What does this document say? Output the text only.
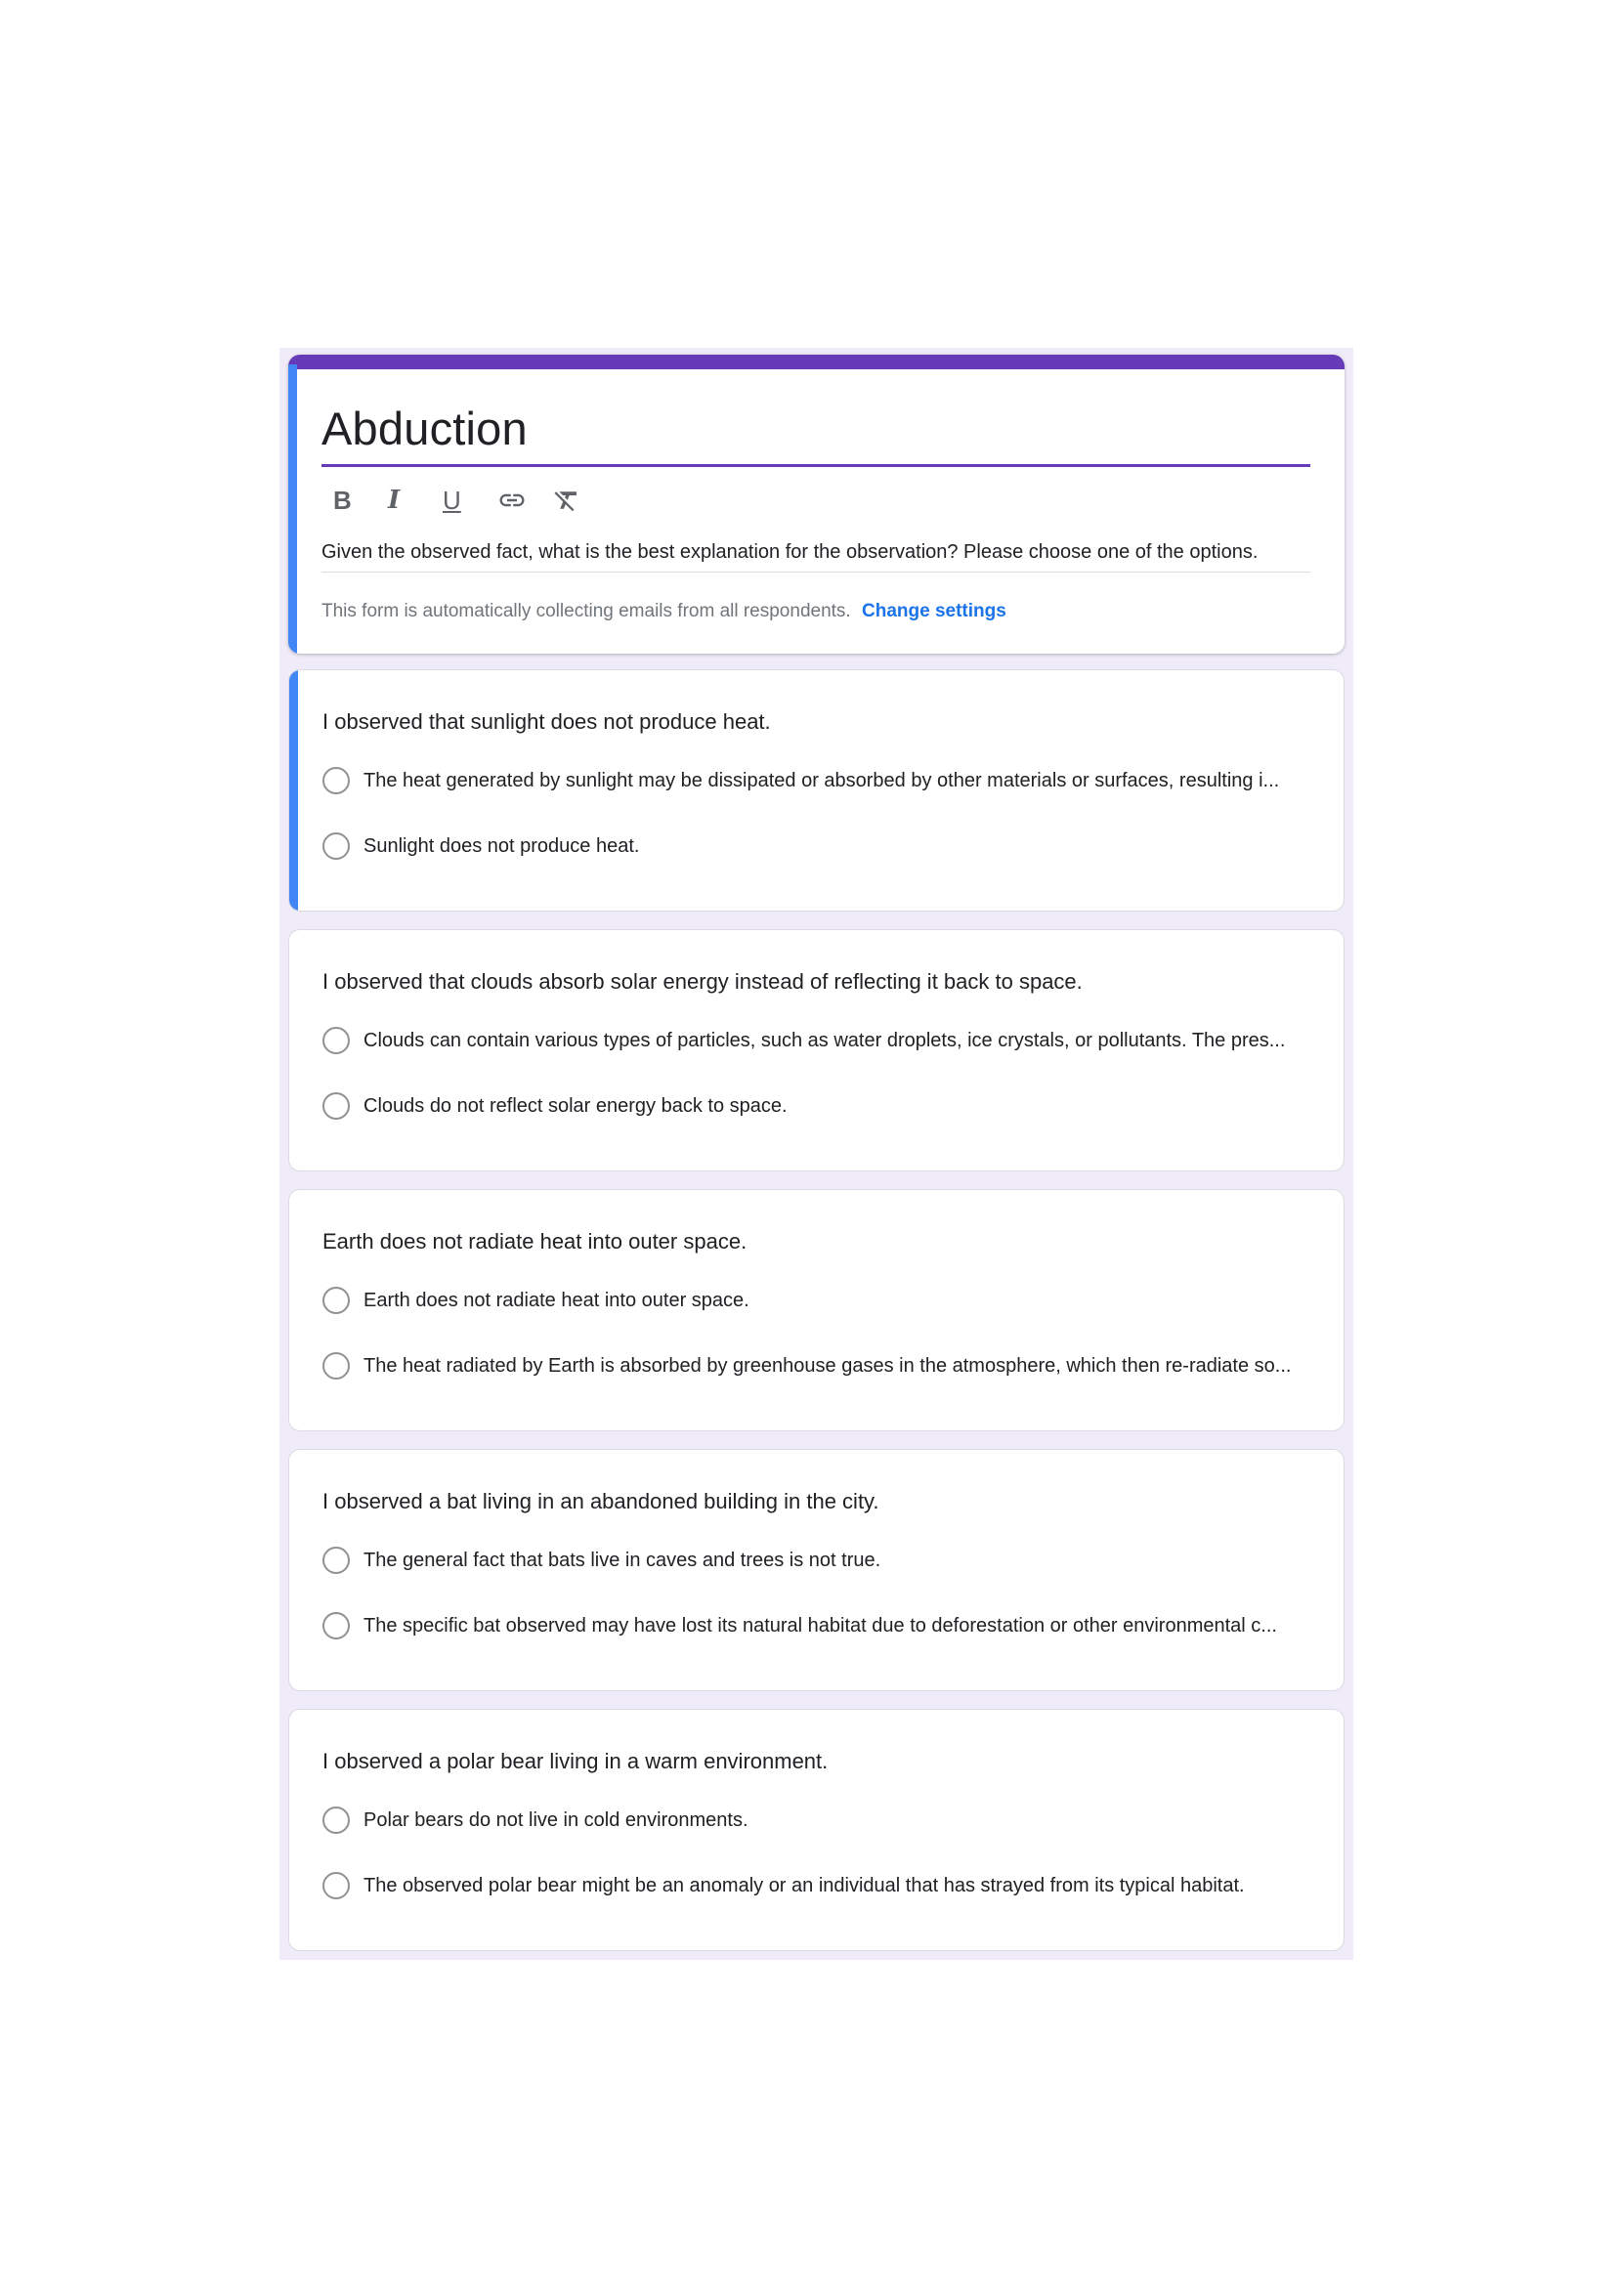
Abduction
B I U
Given the observed fact, what is the best explanation for the observation? Please choose one of the options.
This form is automatically collecting emails from all respondents. Change settings
I observed that sunlight does not produce heat.
The heat generated by sunlight may be dissipated or absorbed by other materials or surfaces, resulting i...
Sunlight does not produce heat.
I observed that clouds absorb solar energy instead of reflecting it back to space.
Clouds can contain various types of particles, such as water droplets, ice crystals, or pollutants. The pres...
Clouds do not reflect solar energy back to space.
Earth does not radiate heat into outer space.
Earth does not radiate heat into outer space.
The heat radiated by Earth is absorbed by greenhouse gases in the atmosphere, which then re-radiate so...
I observed a bat living in an abandoned building in the city.
The general fact that bats live in caves and trees is not true.
The specific bat observed may have lost its natural habitat due to deforestation or other environmental c...
I observed a polar bear living in a warm environment.
Polar bears do not live in cold environments.
The observed polar bear might be an anomaly or an individual that has strayed from its typical habitat.
